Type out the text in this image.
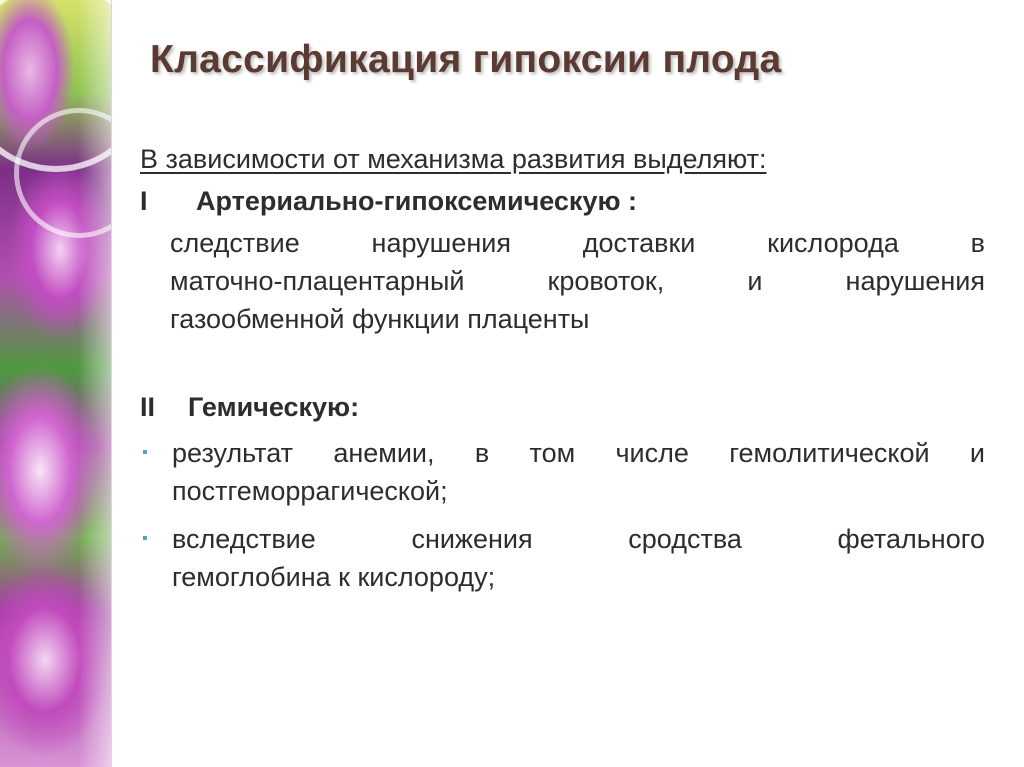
Классификация гипоксии плода
В зависимости от механизма развития выделяют:
I	Артериально-гипоксемическую :
следствие нарушения доставки кислорода в
маточно-плацентарный кровоток, и нарушения
газообменной функции плаценты
II	Гемическую:
▪ результат анемии, в том числе гемолитической и
постгеморрагической;
▪ вследствие снижения сродства фетального
гемоглобина к кислороду;
